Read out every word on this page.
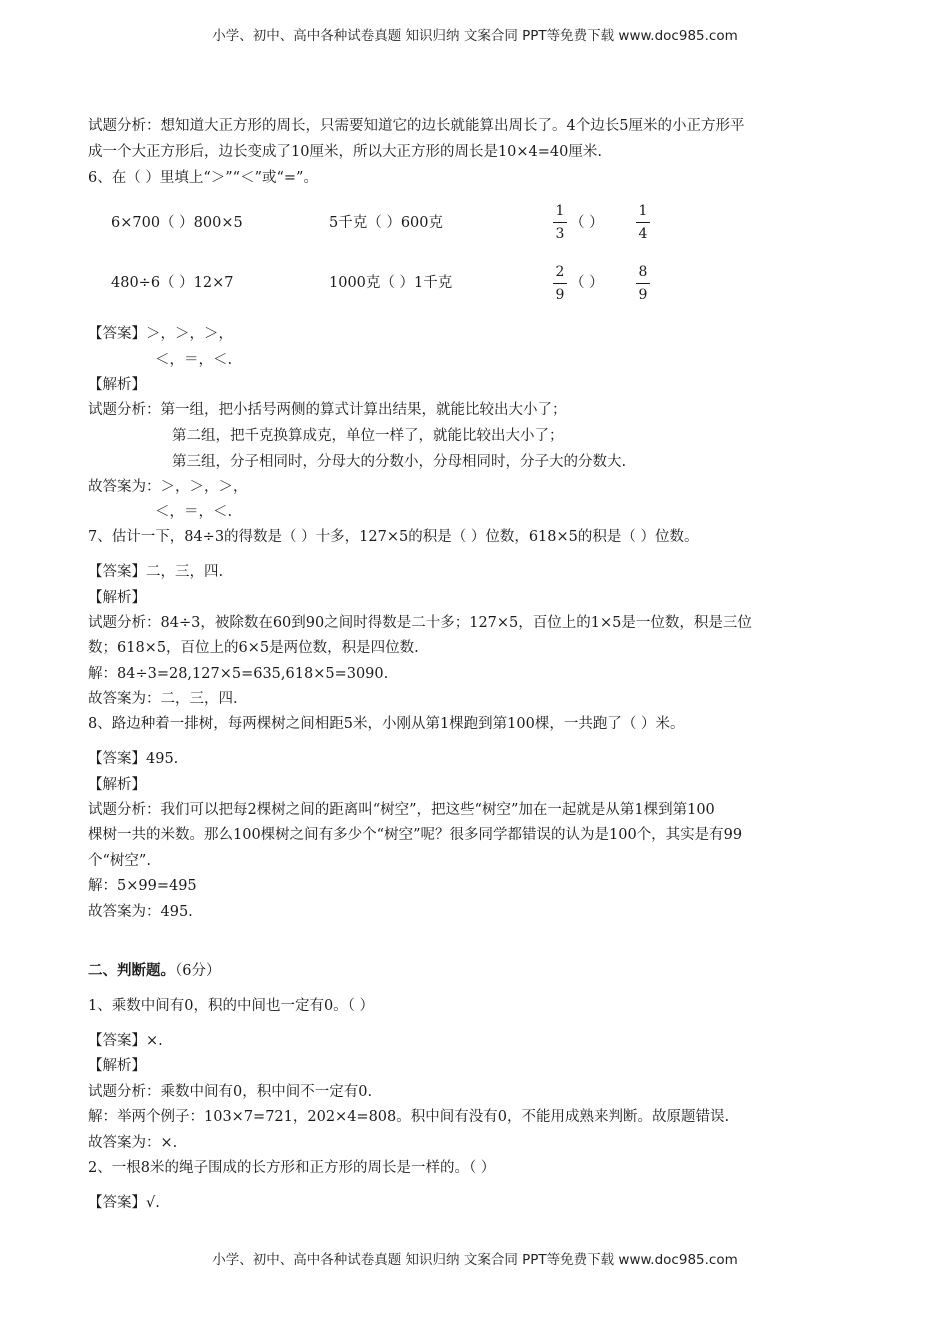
小学、初中、高中各种试卷真题 知识归纳 文案合同 PPT等免费下载 www.doc985.com
试题分析：想知道大正方形的周长，只需要知道它的边长就能算出周长了。4个边长5厘米的小正方形平
成一个大正方形后，边长变成了10厘米，所以大正方形的周长是10×4=40厘米.
6、在（ ）里填上“＞”“＜”或“=”。
6×700（ ）800×5	5千克（ ）600克
1
3
（ ）
1
4
480÷6（ ）12×7	1000克（ ）1千克
2
9
（ ）
8
9
【答案】＞，＞，＞，
＜，＝，＜.
【解析】
试题分析：第一组，把小括号两侧的算式计算出结果，就能比较出大小了；
第二组，把千克换算成克，单位一样了，就能比较出大小了；
第三组，分子相同时，分母大的分数小，分母相同时，分子大的分数大.
故答案为：＞，＞，＞，
＜，＝，＜.
7、估计一下，84÷3的得数是（ ）十多，127×5的积是（ ）位数，618×5的积是（ ）位数。
【答案】二，三，四.
【解析】
试题分析：84÷3，被除数在60到90之间时得数是二十多；127×5，百位上的1×5是一位数，积是三位
数；618×5，百位上的6×5是两位数，积是四位数.
解：84÷3=28,127×5=635,618×5=3090.
故答案为：二，三，四.
8、路边种着一排树，每两棵树之间相距5米，小刚从第1棵跑到第100棵，一共跑了（ ）米。
【答案】495.
【解析】
试题分析：我们可以把每2棵树之间的距离叫“树空”，把这些“树空”加在一起就是从第1棵到第100
棵树一共的米数。那么100棵树之间有多少个“树空”呢？很多同学都错误的认为是100个，其实是有99
个“树空”.
解：5×99=495
故答案为：495.
二、判断题。（6分）
1、乘数中间有0，积的中间也一定有0。（ ）
【答案】×.
【解析】
试题分析：乘数中间有0，积中间不一定有0.
解：举两个例子：103×7=721，202×4=808。积中间有没有0，不能用成熟来判断。故原题错误.
故答案为：×.
2、一根8米的绳子围成的长方形和正方形的周长是一样的。（ ）
【答案】√.
小学、初中、高中各种试卷真题 知识归纳 文案合同 PPT等免费下载 www.doc985.com
